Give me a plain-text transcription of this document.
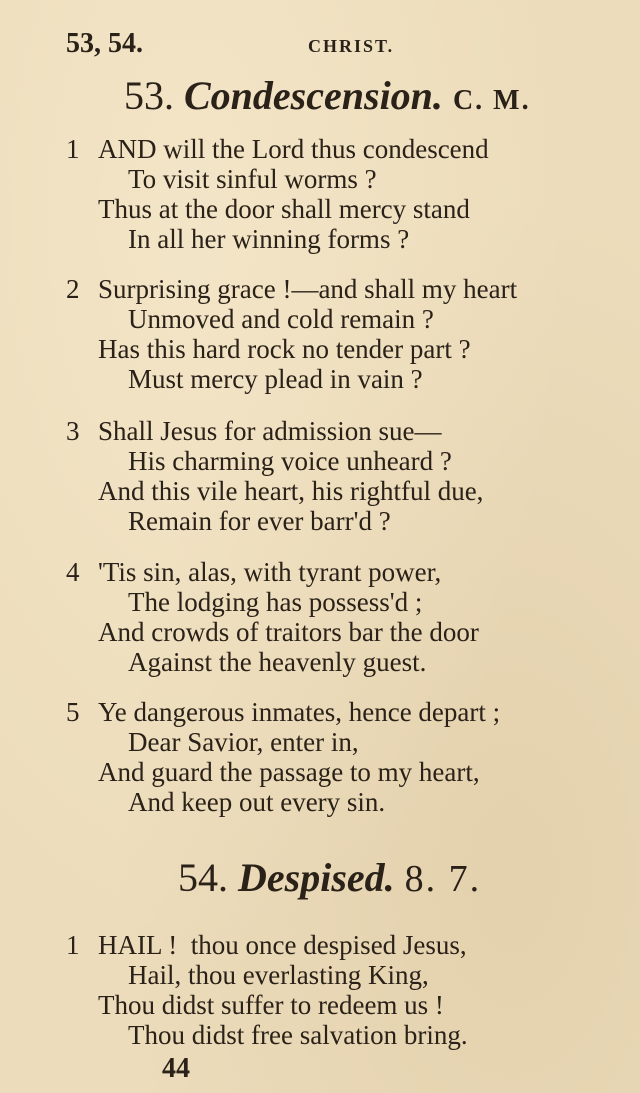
53, 54.	CHRIST.
53. Condescension. C. M.
1 AND will the Lord thus condescend
To visit sinful worms ?
Thus at the door shall mercy stand
In all her winning forms ?
2 Surprising grace !—and shall my heart
Unmoved and cold remain ?
Has this hard rock no tender part ?
Must mercy plead in vain ?
3 Shall Jesus for admission sue—
His charming voice unheard ?
And this vile heart, his rightful due,
Remain for ever barr'd ?
4 'Tis sin, alas, with tyrant power,
The lodging has possess'd ;
And crowds of traitors bar the door
Against the heavenly guest.
5 Ye dangerous inmates, hence depart ;
Dear Savior, enter in,
And guard the passage to my heart,
And keep out every sin.
54. Despised. 8. 7.
1 HAIL !  thou once despised Jesus,
Hail, thou everlasting King,
Thou didst suffer to redeem us !
Thou didst free salvation bring.
44
